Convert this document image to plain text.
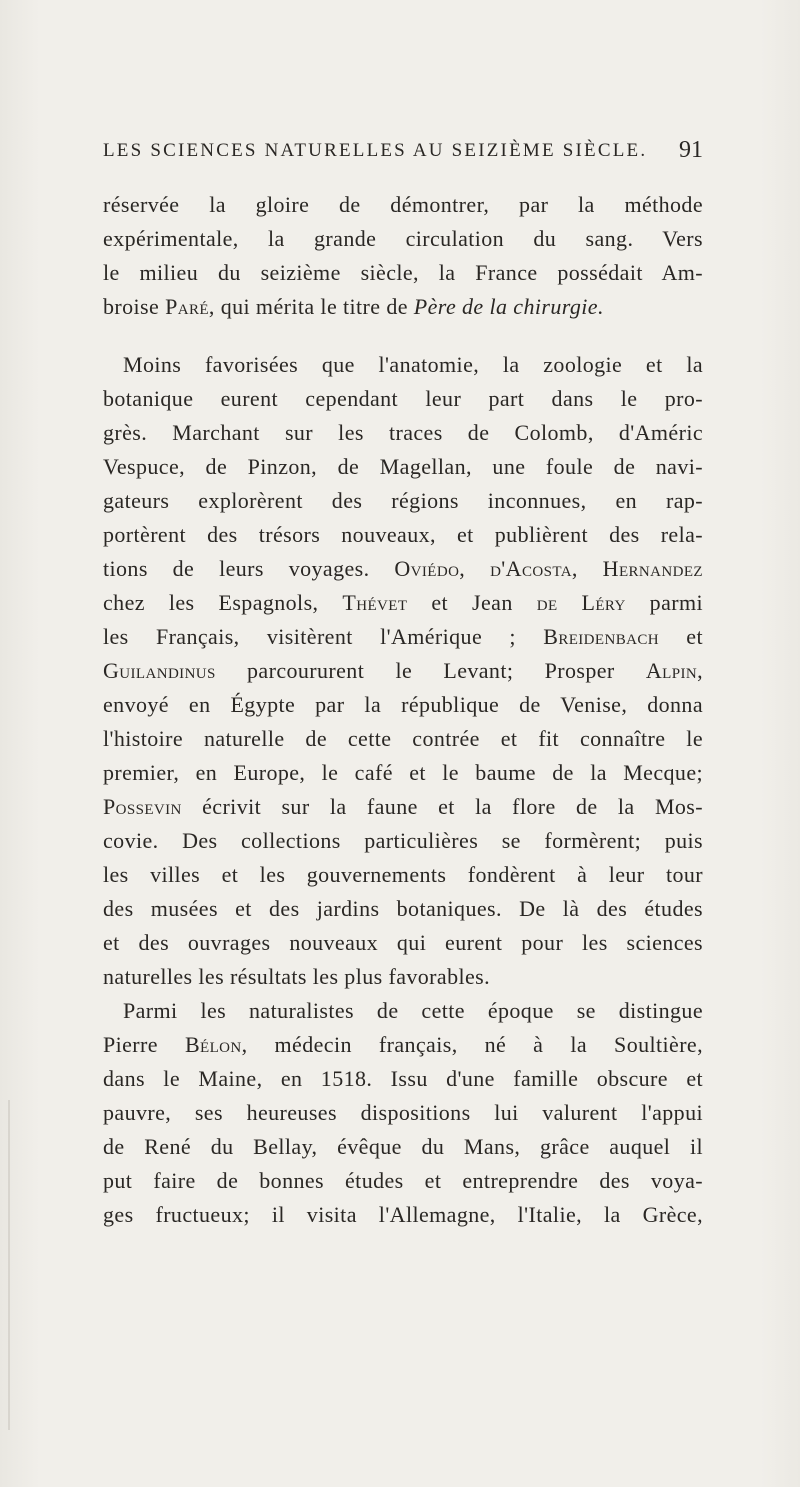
LES SCIENCES NATURELLES AU SEIZIÈME SIÈCLE. 91
réservée la gloire de démontrer, par la méthode
expérimentale, la grande circulation du sang. Vers
le milieu du seizième siècle, la France possédait Am-
broise Paré, qui mérita le titre de Père de la chirurgie.
Moins favorisées que l'anatomie, la zoologie et la
botanique eurent cependant leur part dans le pro-
grès. Marchant sur les traces de Colomb, d'Améric
Vespuce, de Pinzon, de Magellan, une foule de navi-
gateurs explorèrent des régions inconnues, en rap-
portèrent des trésors nouveaux, et publièrent des rela-
tions de leurs voyages. Oviédo, d'Acosta, Hernandez
chez les Espagnols, Thévet et Jean de Léry parmi
les Français, visitèrent l'Amérique ; Breidenbach et
Guilandinus parcoururent le Levant; Prosper Alpin,
envoyé en Égypte par la république de Venise, donna
l'histoire naturelle de cette contrée et fit connaître le
premier, en Europe, le café et le baume de la Mecque;
Possevin écrivit sur la faune et la flore de la Mos-
covie. Des collections particulières se formèrent; puis
les villes et les gouvernements fondèrent à leur tour
des musées et des jardins botaniques. De là des études
et des ouvrages nouveaux qui eurent pour les sciences
naturelles les résultats les plus favorables.
Parmi les naturalistes de cette époque se distingue
Pierre Bélon, médecin français, né à la Soultière,
dans le Maine, en 1518. Issu d'une famille obscure et
pauvre, ses heureuses dispositions lui valurent l'appui
de René du Bellay, évêque du Mans, grâce auquel il
put faire de bonnes études et entreprendre des voya-
ges fructueux; il visita l'Allemagne, l'Italie, la Grèce,
